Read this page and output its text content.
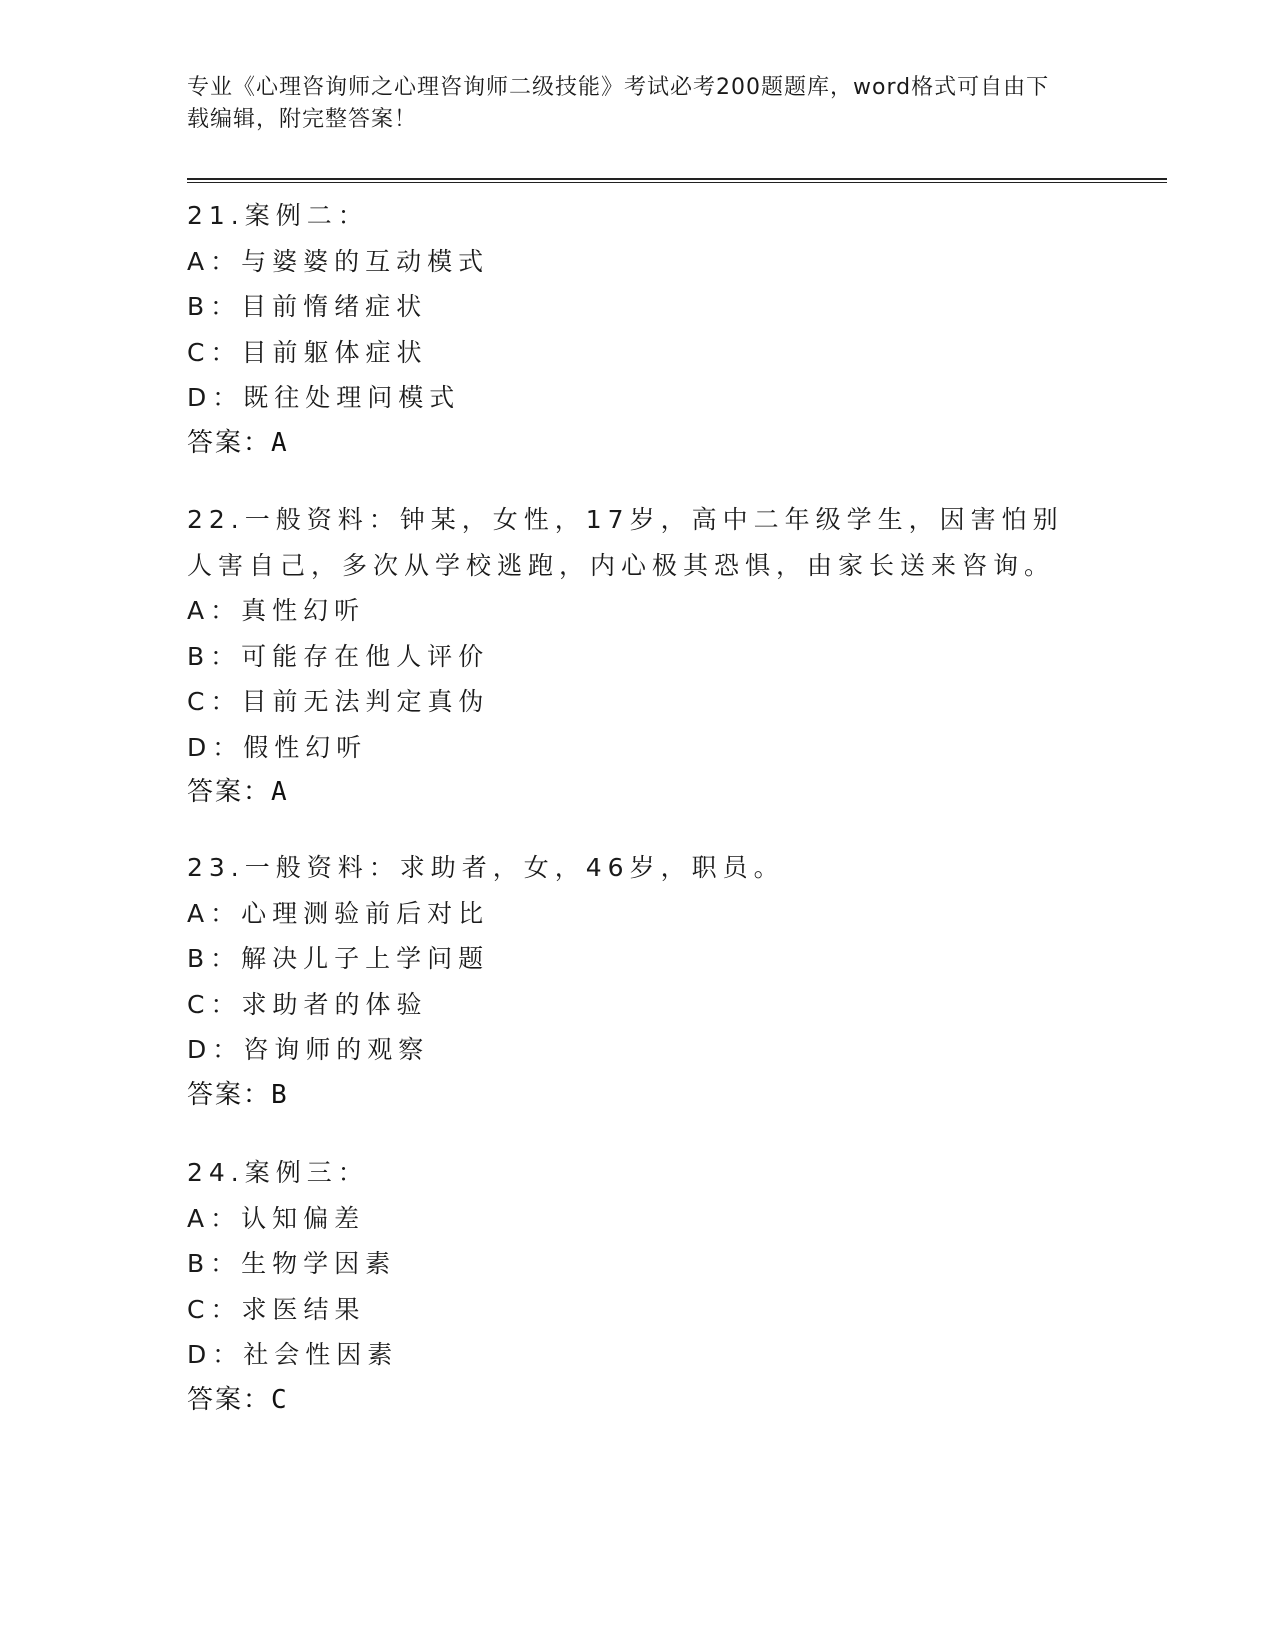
专业《心理咨询师之心理咨询师二级技能》考试必考200题题库，word格式可自由下载编辑，附完整答案！
21.案例二：
A：与婆婆的互动模式
B：目前惰绪症状
C：目前躯体症状
D：既往处理问模式
答案：A
22.一般资料：钟某，女性，17岁，高中二年级学生，因害怕别人害自己，多次从学校逃跑，内心极其恐惧，由家长送来咨询。
A：真性幻听
B：可能存在他人评价
C：目前无法判定真伪
D：假性幻听
答案：A
23.一般资料：求助者，女，46岁，职员。
A：心理测验前后对比
B：解决儿子上学问题
C：求助者的体验
D：咨询师的观察
答案：B
24.案例三：
A：认知偏差
B：生物学因素
C：求医结果
D：社会性因素
答案：C
